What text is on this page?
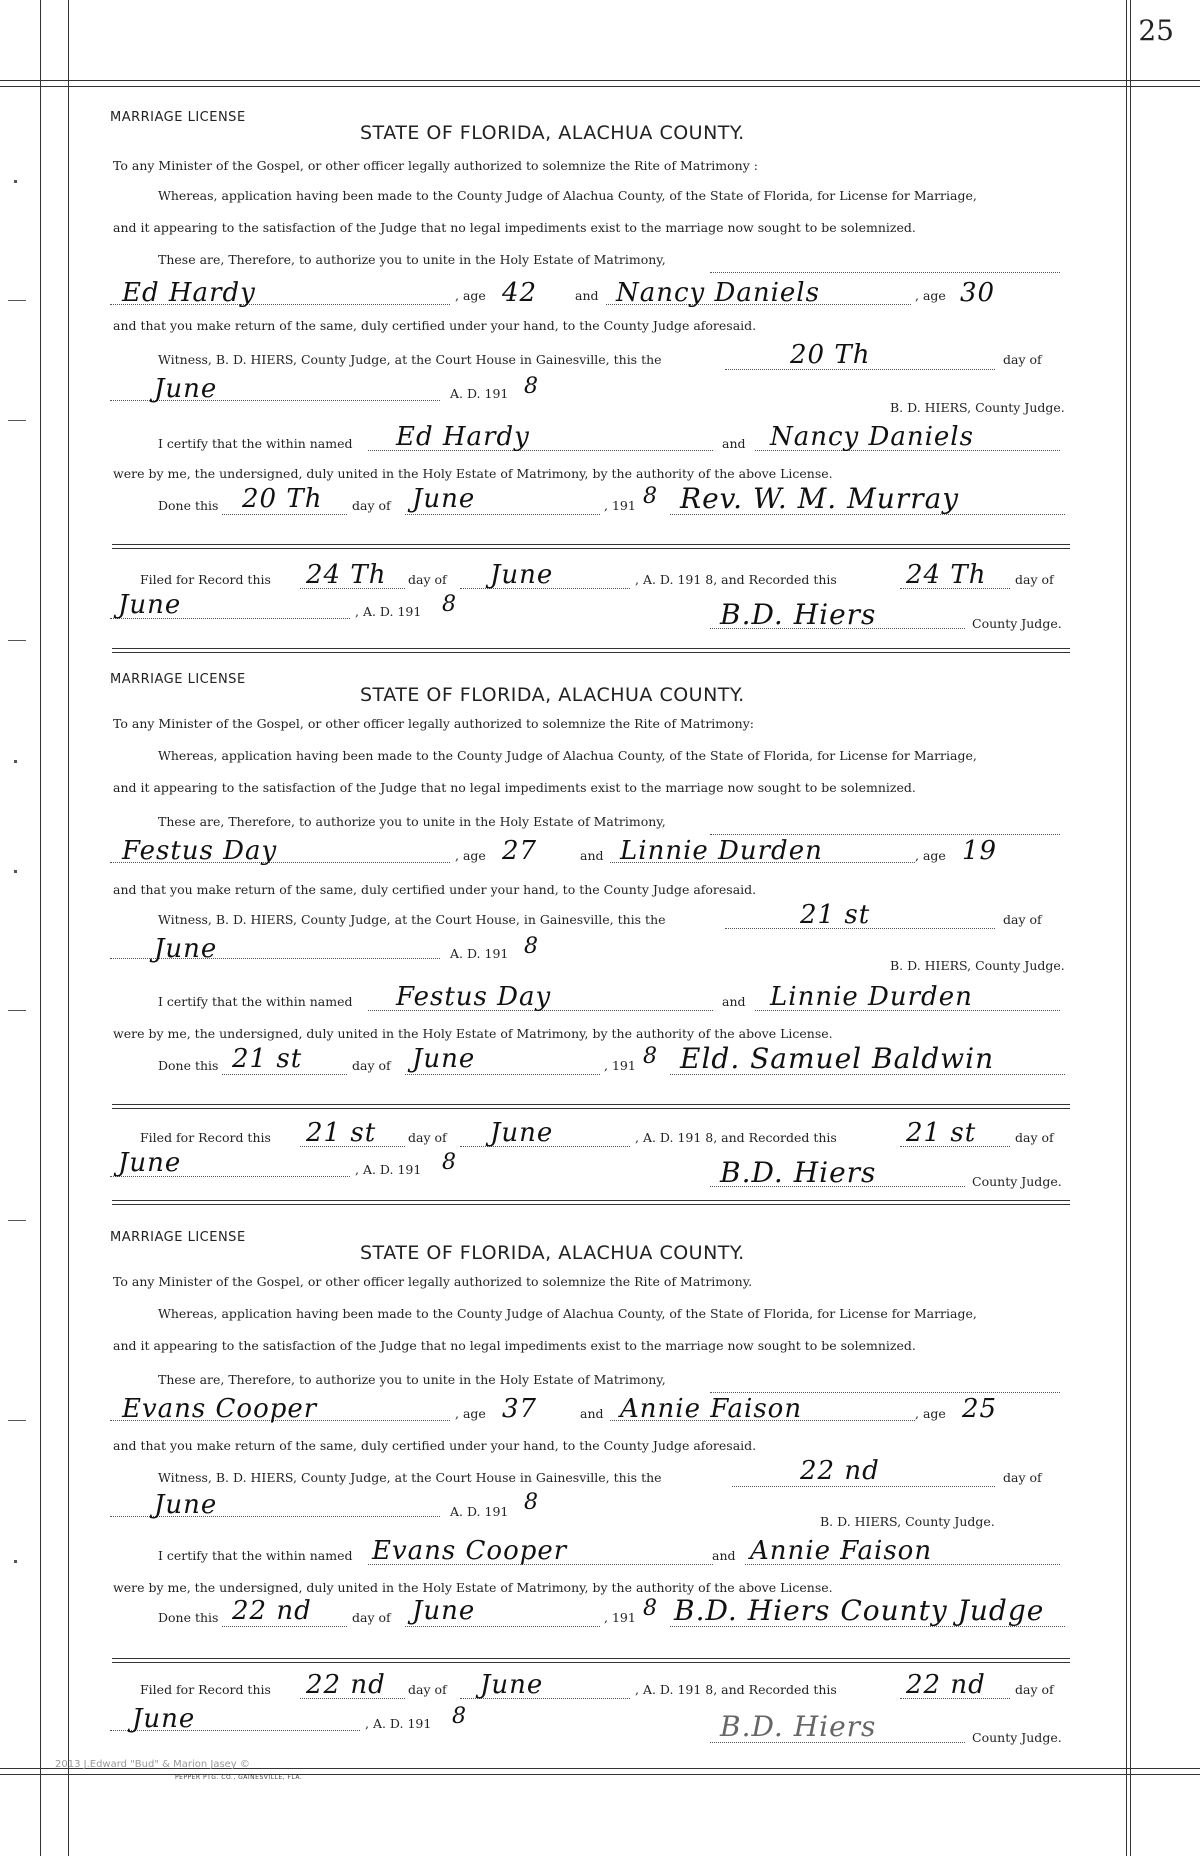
25
MARRIAGE LICENSE
STATE OF FLORIDA, ALACHUA COUNTY.
To any Minister of the Gospel, or other officer legally authorized to solemnize the Rite of Matrimony :
Whereas, application having been made to the County Judge of Alachua County, of the State of Florida, for License for Marriage,
and it appearing to the satisfaction of the Judge that no legal impediments exist to the marriage now sought to be solemnized.
These are, Therefore, to authorize you to unite in the Holy Estate of Matrimony,
Ed Hardy	, age 42	and Nancy Daniels	, age 30
and that you make return of the same, duly certified under your hand, to the County Judge aforesaid.
Witness, B. D. HIERS, County Judge, at the Court House in Gainesville, this the	20 Th	day of
June	A. D. 191 8
B. D. HIERS, County Judge.
I certify that the within named Ed Hardy	and Nancy Daniels
were by me, the undersigned, duly united in the Holy Estate of Matrimony, by the authority of the above License.
Done this 20 Th day of June	, 191 8 Rev. W. M. Murray
Filed for Record this 24 Th day of June	, A. D. 191 8, and Recorded this	24 Th day of
June	, A. D. 191 8	B.D. Hiers	County Judge.
MARRIAGE LICENSE
STATE OF FLORIDA, ALACHUA COUNTY.
To any Minister of the Gospel, or other officer legally authorized to solemnize the Rite of Matrimony:
Whereas, application having been made to the County Judge of Alachua County, of the State of Florida, for License for Marriage,
and it appearing to the satisfaction of the Judge that no legal impediments exist to the marriage now sought to be solemnized.
These are, Therefore, to authorize you to unite in the Holy Estate of Matrimony,
Festus Day	, age 27	and Linnie Durden	, age 19
and that you make return of the same, duly certified under your hand, to the County Judge aforesaid.
Witness, B. D. HIERS, County Judge, at the Court House, in Gainesville, this the	21 st	day of
June	A. D. 191 8
B. D. HIERS, County Judge.
I certify that the within named Festus Day	and Linnie Durden
were by me, the undersigned, duly united in the Holy Estate of Matrimony, by the authority of the above License.
Done this 21 st	day of June	, 191 8 Eld. Samuel Baldwin
Filed for Record this 21 st	day of June	, A. D. 191 8, and Recorded this	21 st	day of
June	, A. D. 191 8	B.D. Hiers	County Judge.
MARRIAGE LICENSE
STATE OF FLORIDA, ALACHUA COUNTY.
To any Minister of the Gospel, or other officer legally authorized to solemnize the Rite of Matrimony.
Whereas, application having been made to the County Judge of Alachua County, of the State of Florida, for License for Marriage,
and it appearing to the satisfaction of the Judge that no legal impediments exist to the marriage now sought to be solemnized.
These are, Therefore, to authorize you to unite in the Holy Estate of Matrimony,
Evans Cooper	, age 37	and Annie Faison	, age 25
and that you make return of the same, duly certified under your hand, to the County Judge aforesaid.
Witness, B. D. HIERS, County Judge, at the Court House in Gainesville, this the	22 nd	day of
June	A. D. 191 8
B. D. HIERS, County Judge.
I certify that the within named Evans Cooper	and Annie Faison
were by me, the undersigned, duly united in the Holy Estate of Matrimony, by the authority of the above License.
Done this 22 nd	day of June	, 191 8 B.D. Hiers County Judge
Filed for Record this 22 nd day of June	, A. D. 191 8, and Recorded this	22 nd day of
June	, A. D. 191 8	B.D. Hiers	County Judge.
2013 J.Edward "Bud" & Marion Jasey ©
PEPPER PTG. CO., GAINESVILLE, FLA.
